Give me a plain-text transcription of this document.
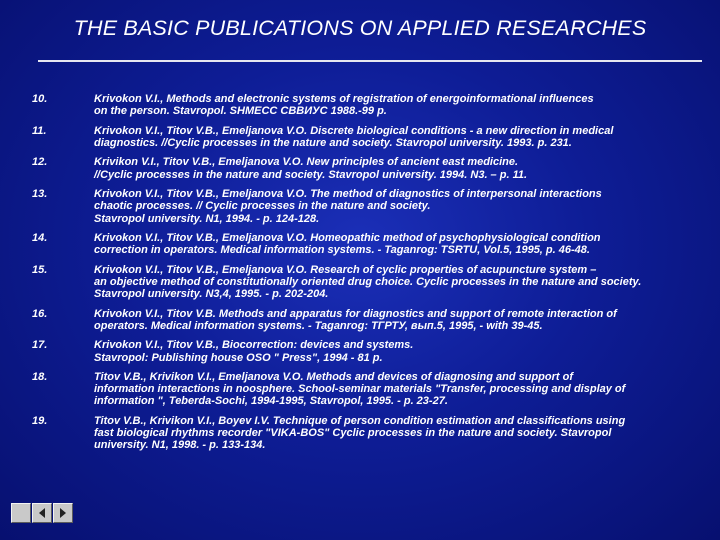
THE BASIC PUBLICATIONS ON APPLIED RESEARCHES
10.	Krivokon V.I., Methods and electronic systems of registration of energoinformational influences
on the person. Stavropol. SНМЕСС СВВИУС 1988.-99 p.
11.	Krivokon V.I., Titov V.B., Emeljanova V.O. Discrete biological conditions - a new direction in medical
diagnostics. //Cyclic processes in the nature and society. Stavropol university. 1993. p. 231.
12.	Krivikon V.I., Titov V.B., Emeljanova V.O. New principles of ancient east medicine.
//Cyclic processes in the nature and society. Stavropol university. 1994. N3. – p. 11.
13.	Krivokon V.I., Titov V.B., Emeljanova V.O. The method of diagnostics of interpersonal interactions
chaotic processes. // Cyclic processes in the nature and society.
Stavropol university. N1, 1994. - p. 124-128.
14.	Krivokon V.I., Titov V.B., Emeljanova V.O. Homeopathic method of psychophysiological condition
correction in operators. Medical information systems. - Taganrog: TSRTU, Vol.5, 1995, p. 46-48.
15.	Krivokon V.I., Titov V.B., Emeljanova V.O. Research of cyclic properties of acupuncture system –
an objective method of constitutionally oriented drug choice. Cyclic processes in the nature and society.
Stavropol university. N3,4, 1995. - p. 202-204.
16.	Krivokon V.I., Titov V.B. Methods and apparatus for diagnostics and support of remote interaction of
operators. Medical information systems. - Taganrog: ТГРТУ, вып.5, 1995, - with 39-45.
17.	Krivokon V.I., Titov V.B., Biocorrection: devices and systems.
Stavropol: Publishing house OSO " Press", 1994 - 81 p.
18.	Titov V.B., Krivikon V.I., Emeljanova V.O. Methods and devices of diagnosing and support of
information interactions in noosphere. School-seminar materials "Transfer, processing and display of
information ", Teberda-Sochi, 1994-1995, Stavropol, 1995. - p. 23-27.
19.	Titov V.B., Krivikon V.I., Boyev I.V. Technique of person condition estimation and classifications using
fast biological rhythms recorder "VIKA-BOS" Cyclic processes in the nature and society. Stavropol
university. N1, 1998. - p. 133-134.
